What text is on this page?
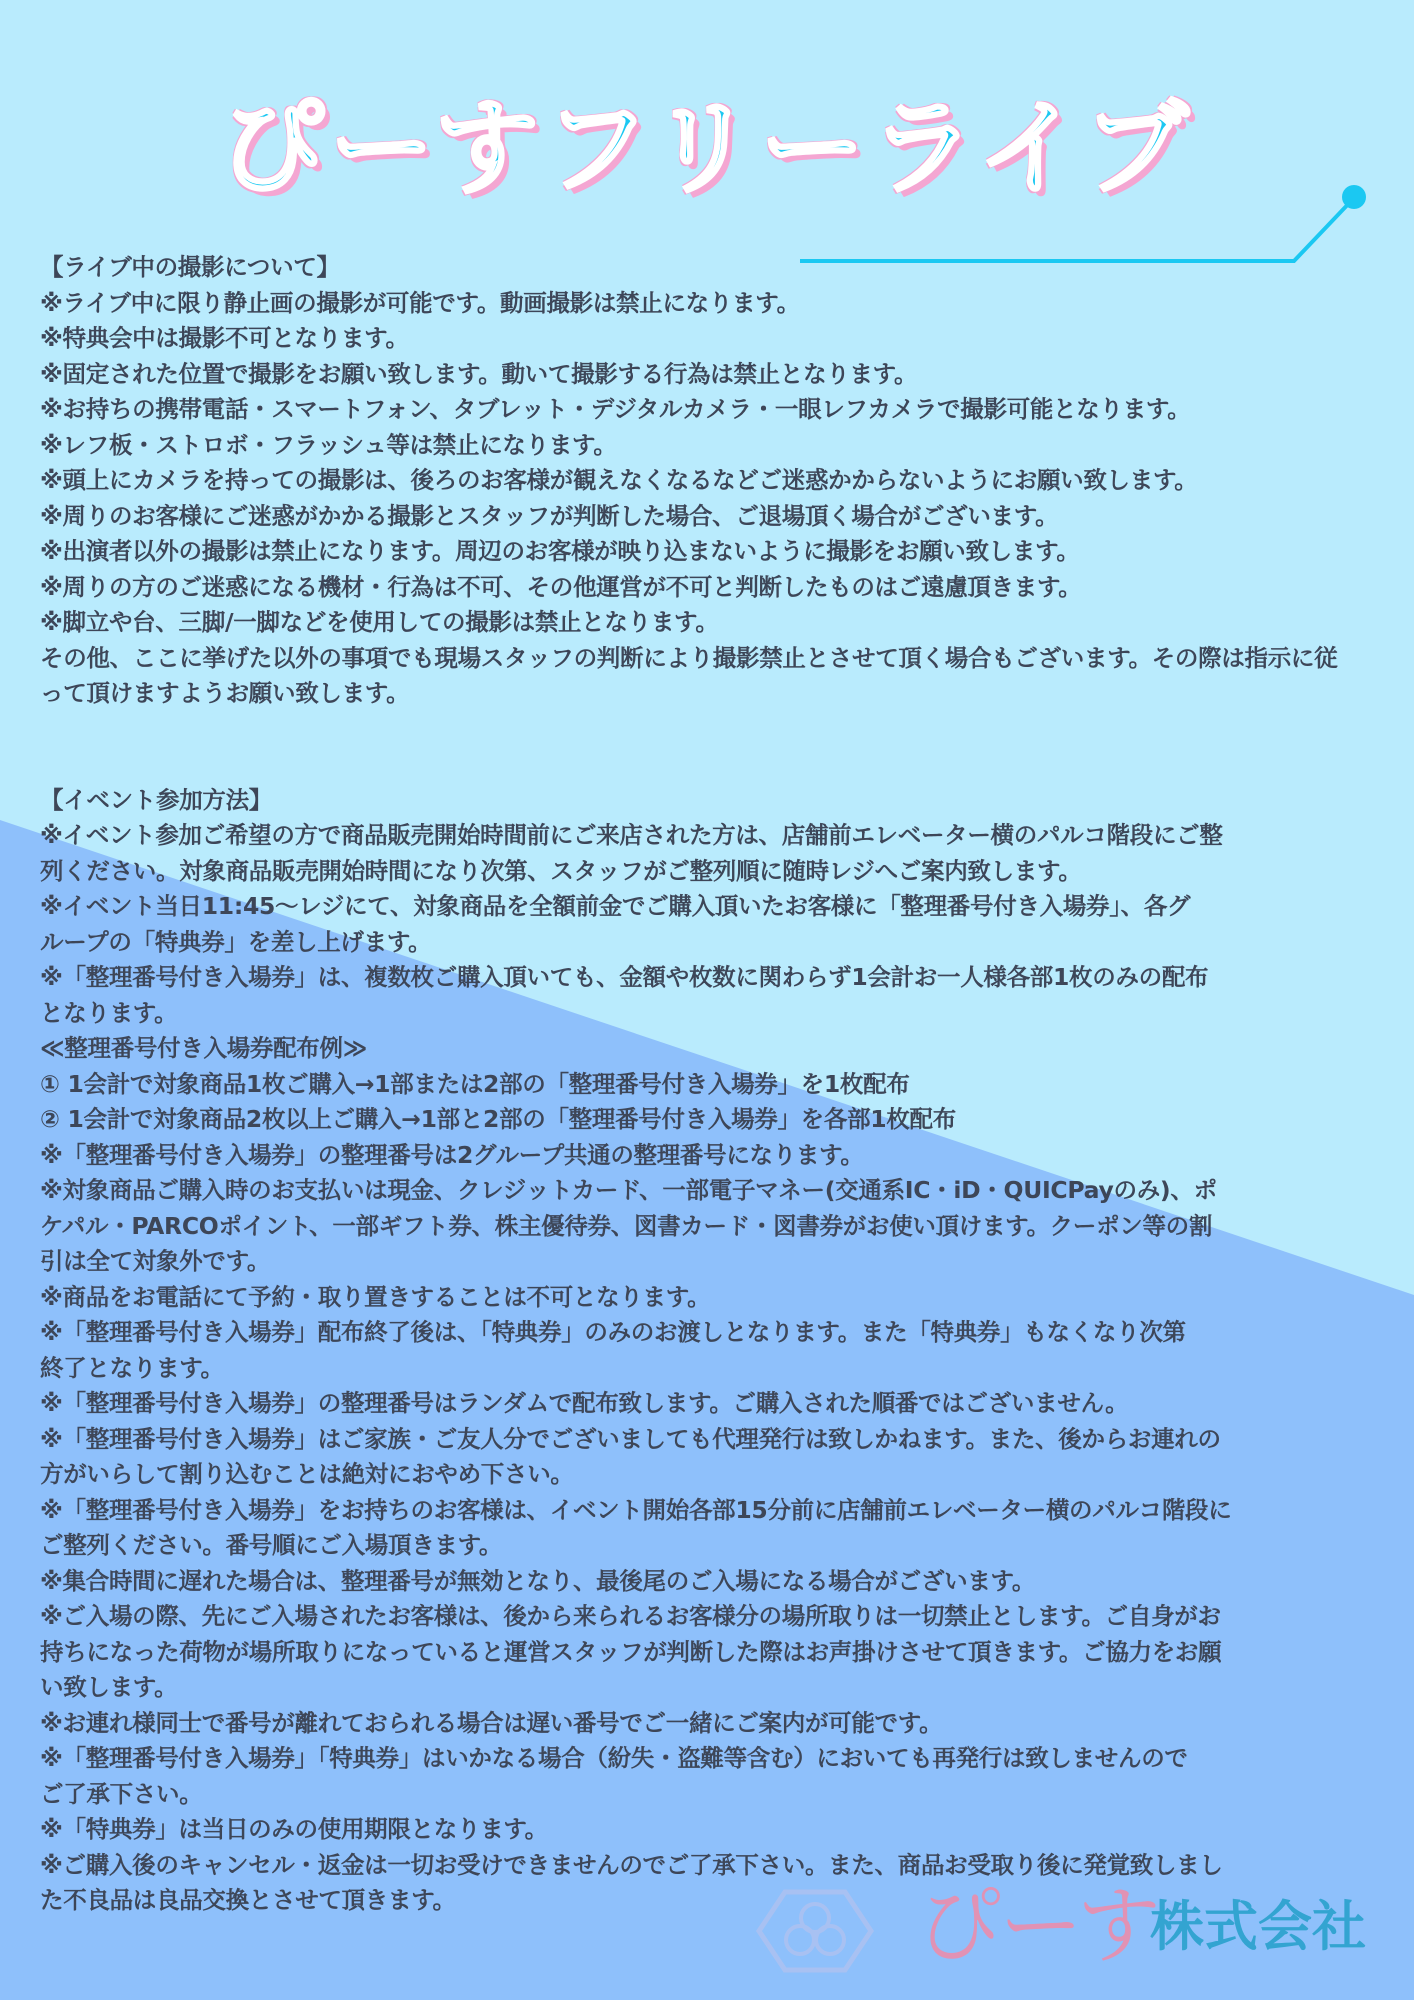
ぴーすフリーライブ
【ライブ中の撮影について】
※ライブ中に限り静止画の撮影が可能です。動画撮影は禁止になります。
※特典会中は撮影不可となります。
※固定された位置で撮影をお願い致します。動いて撮影する行為は禁止となります。
※お持ちの携帯電話・スマートフォン、タブレット・デジタルカメラ・一眼レフカメラで撮影可能となります。
※レフ板・ストロボ・フラッシュ等は禁止になります。
※頭上にカメラを持っての撮影は、後ろのお客様が観えなくなるなどご迷惑かからないようにお願い致します。
※周りのお客様にご迷惑がかかる撮影とスタッフが判断した場合、ご退場頂く場合がございます。
※出演者以外の撮影は禁止になります。周辺のお客様が映り込まないように撮影をお願い致します。
※周りの方のご迷惑になる機材・行為は不可、その他運営が不可と判断したものはご遠慮頂きます。
※脚立や台、三脚/一脚などを使用しての撮影は禁止となります。
その他、ここに挙げた以外の事項でも現場スタッフの判断により撮影禁止とさせて頂く場合もございます。その際は指示に従
って頂けますようお願い致します。
【イベント参加方法】
※イベント参加ご希望の方で商品販売開始時間前にご来店された方は、店舗前エレベーター横のパルコ階段にご整
列ください。対象商品販売開始時間になり次第、スタッフがご整列順に随時レジへご案内致します。
※イベント当日11:45〜レジにて、対象商品を全額前金でご購入頂いたお客様に「整理番号付き入場券」、各グ
ループの「特典券」を差し上げます。
※「整理番号付き入場券」は、複数枚ご購入頂いても、金額や枚数に関わらず1会計お一人様各部1枚のみの配布
となります。
≪整理番号付き入場券配布例≫
① 1会計で対象商品1枚ご購入→1部または2部の「整理番号付き入場券」を1枚配布
② 1会計で対象商品2枚以上ご購入→1部と2部の「整理番号付き入場券」を各部1枚配布
※「整理番号付き入場券」の整理番号は2グループ共通の整理番号になります。
※対象商品ご購入時のお支払いは現金、クレジットカード、一部電子マネー(交通系IC・iD・QUICPayのみ)、ポ
ケパル・PARCOポイント、一部ギフト券、株主優待券、図書カード・図書券がお使い頂けます。クーポン等の割
引は全て対象外です。
※商品をお電話にて予約・取り置きすることは不可となります。
※「整理番号付き入場券」配布終了後は、「特典券」のみのお渡しとなります。また「特典券」もなくなり次第
終了となります。
※「整理番号付き入場券」の整理番号はランダムで配布致します。ご購入された順番ではございません。
※「整理番号付き入場券」はご家族・ご友人分でございましても代理発行は致しかねます。また、後からお連れの
方がいらして割り込むことは絶対におやめ下さい。
※「整理番号付き入場券」をお持ちのお客様は、イベント開始各部15分前に店舗前エレベーター横のパルコ階段に
ご整列ください。番号順にご入場頂きます。
※集合時間に遅れた場合は、整理番号が無効となり、最後尾のご入場になる場合がございます。
※ご入場の際、先にご入場されたお客様は、後から来られるお客様分の場所取りは一切禁止とします。ご自身がお
持ちになった荷物が場所取りになっていると運営スタッフが判断した際はお声掛けさせて頂きます。ご協力をお願
い致します。
※お連れ様同士で番号が離れておられる場合は遅い番号でご一緒にご案内が可能です。
※「整理番号付き入場券」「特典券」はいかなる場合（紛失・盗難等含む）においても再発行は致しませんので
ご了承下さい。
※「特典券」は当日のみの使用期限となります。
※ご購入後のキャンセル・返金は一切お受けできませんのでご了承下さい。また、商品お受取り後に発覚致しまし
た不良品は良品交換とさせて頂きます。	ぴーす
株式会社
